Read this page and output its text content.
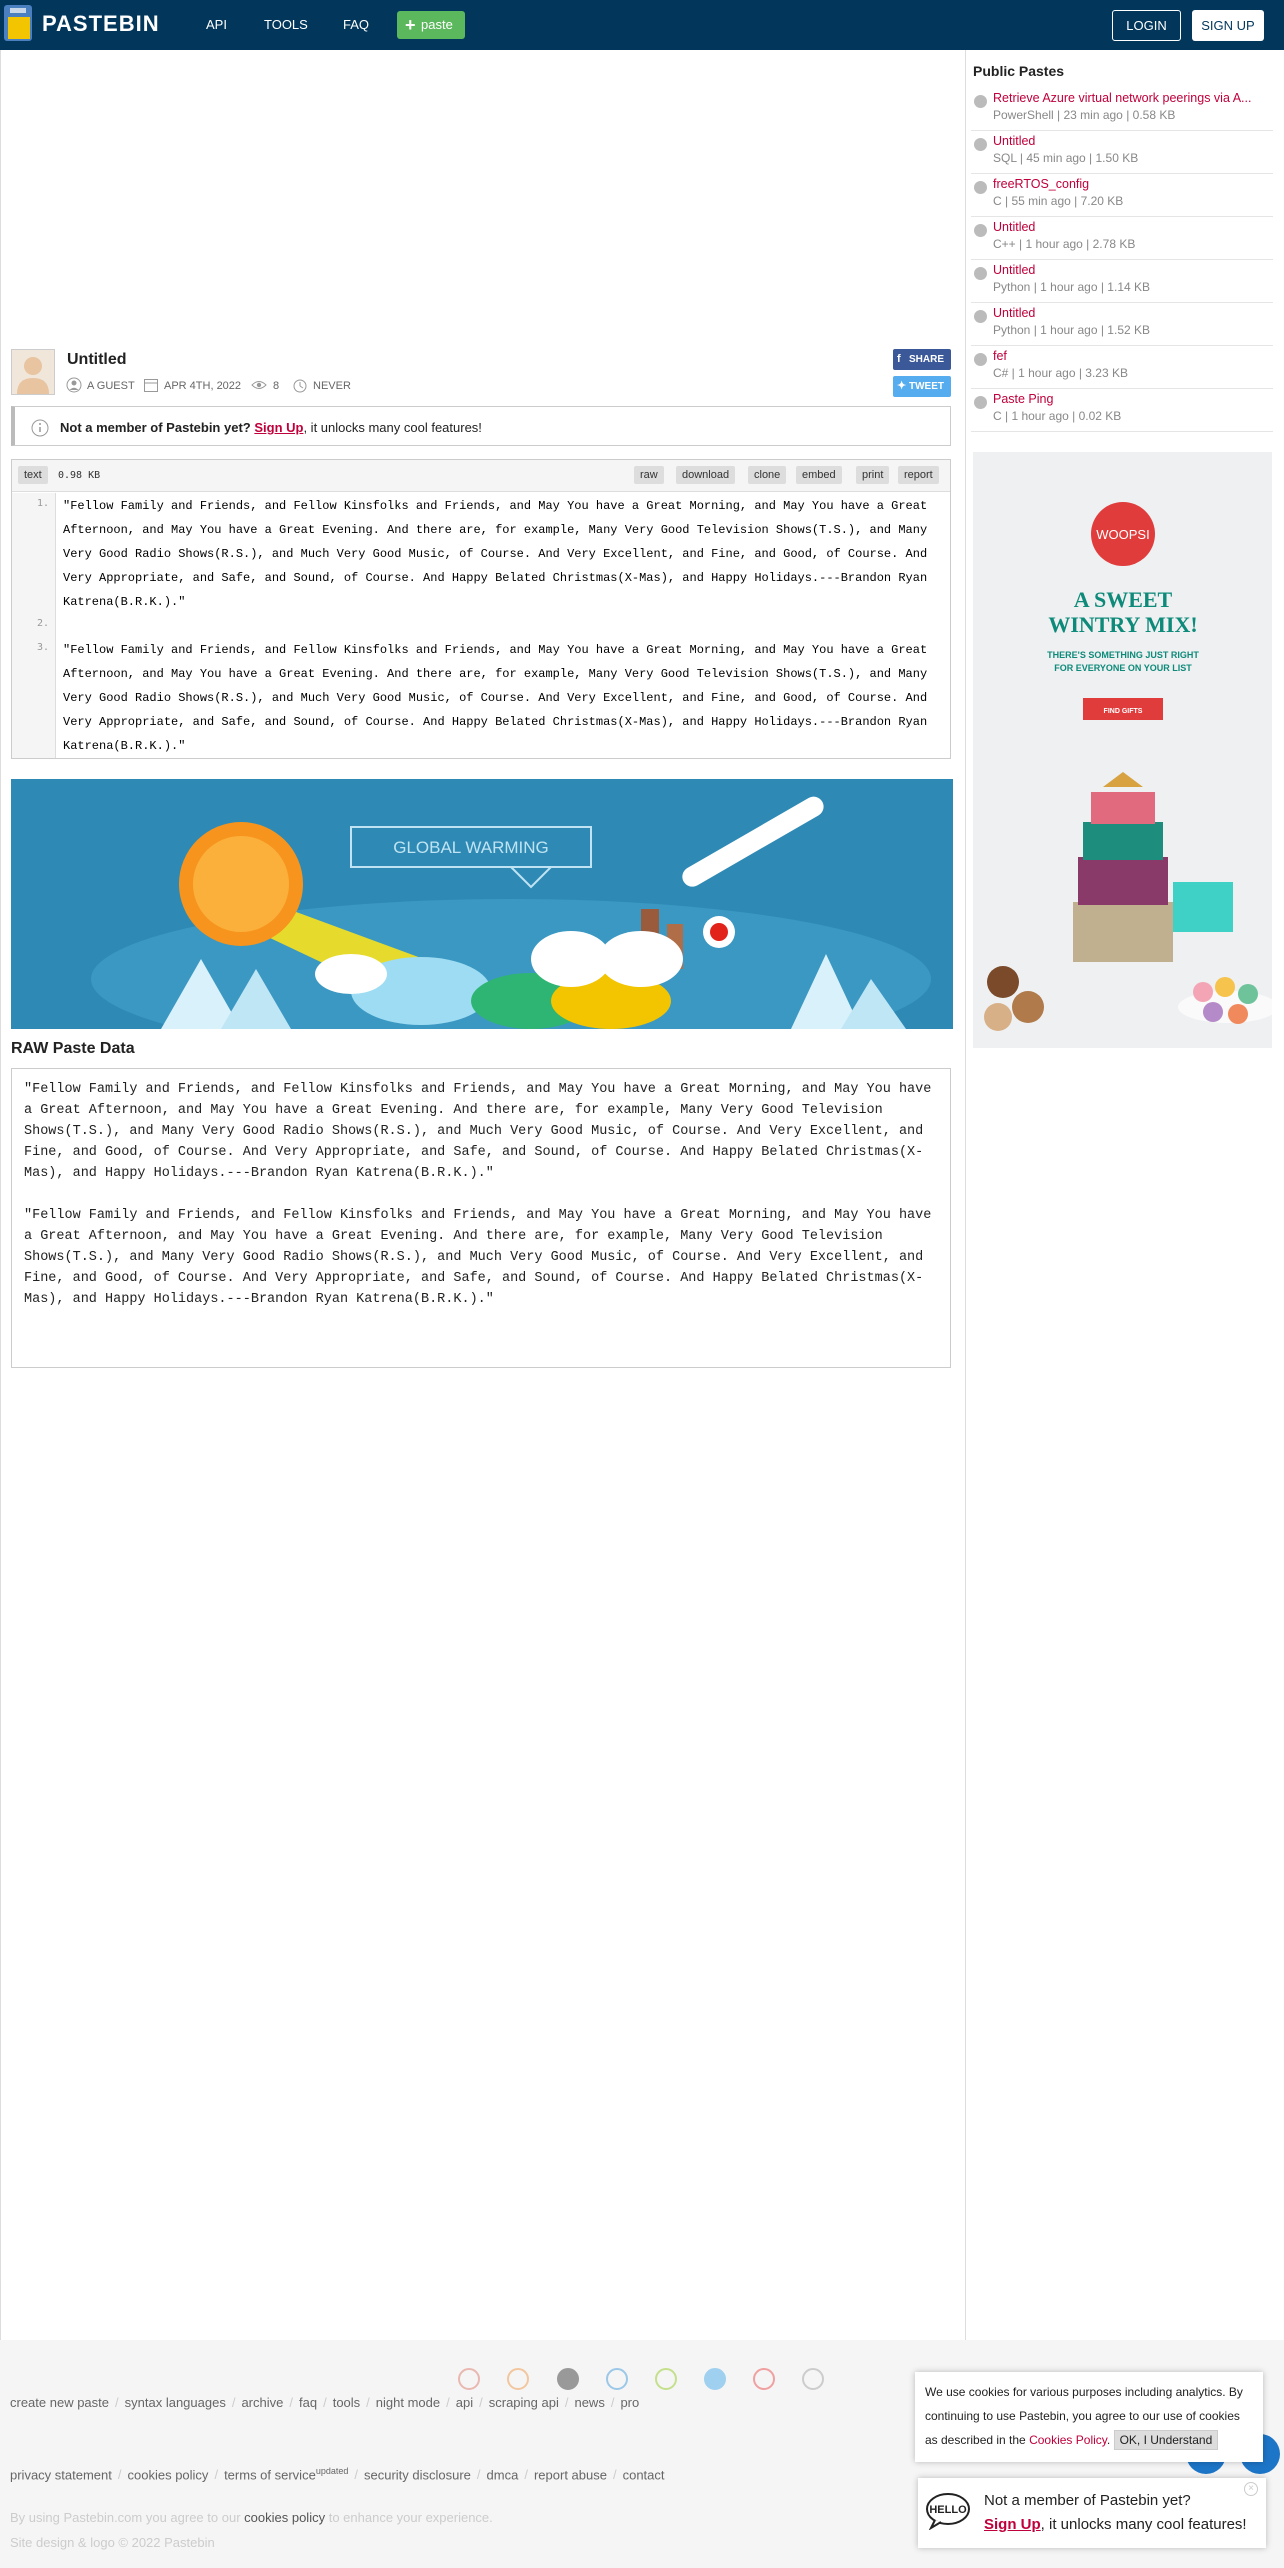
PASTEBIN	API	TOOLS	FAQ + paste	LOGIN	SIGN UP
Untitled
A GUEST	APR 4TH, 2022	8	NEVER
f SHARE
✦ TWEET
Not a member of Pastebin yet? Sign Up, it unlocks many cool features!
text	0.98 KB	raw	download	clone	embed	print	report
1.
2.
3.
"Fellow Family and Friends, and Fellow Kinsfolks and Friends, and May You have a Great Morning, and May You have a Great Afternoon, and May You have a Great Evening. And there are, for example, Many Very Good Television Shows(T.S.), and Many Very Good Radio Shows(R.S.), and Much Very Good Music, of Course. And Very Excellent, and Fine, and Good, of Course. And Very Appropriate, and Safe, and Sound, of Course. And Happy Belated Christmas(X-Mas), and Happy Holidays.---Brandon Ryan Katrena(B.R.K.)."
"Fellow Family and Friends, and Fellow Kinsfolks and Friends, and May You have a Great Morning, and May You have a Great Afternoon, and May You have a Great Evening. And there are, for example, Many Very Good Television Shows(T.S.), and Many Very Good Radio Shows(R.S.), and Much Very Good Music, of Course. And Very Excellent, and Fine, and Good, of Course. And Very Appropriate, and Safe, and Sound, of Course. And Happy Belated Christmas(X-Mas), and Happy Holidays.---Brandon Ryan Katrena(B.R.K.)."
GLOBAL WARMING
RAW Paste Data
"Fellow Family and Friends, and Fellow Kinsfolks and Friends, and May You have a Great Morning, and May You have a Great Afternoon, and May You have a Great Evening. And there are, for example, Many Very Good Television Shows(T.S.), and Many Very Good Radio Shows(R.S.), and Much Very Good Music, of Course. And Very Excellent, and Fine, and Good, of Course. And Very Appropriate, and Safe, and Sound, of Course. And Happy Belated Christmas(X-Mas), and Happy Holidays.---Brandon Ryan Katrena(B.R.K.)."
"Fellow Family and Friends, and Fellow Kinsfolks and Friends, and May You have a Great Morning, and May You have a Great Afternoon, and May You have a Great Evening. And there are, for example, Many Very Good Television Shows(T.S.), and Many Very Good Radio Shows(R.S.), and Much Very Good Music, of Course. And Very Excellent, and Fine, and Good, of Course. And Very Appropriate, and Safe, and Sound, of Course. And Happy Belated Christmas(X-Mas), and Happy Holidays.---Brandon Ryan Katrena(B.R.K.)."
Public Pastes
Retrieve Azure virtual network peerings via A...
PowerShell | 23 min ago | 0.58 KB
Untitled
SQL | 45 min ago | 1.50 KB
freeRTOS_config
C | 55 min ago | 7.20 KB
Untitled
C++ | 1 hour ago | 2.78 KB
Untitled
Python | 1 hour ago | 1.14 KB
Untitled
Python | 1 hour ago | 1.52 KB
fef
C# | 1 hour ago | 3.23 KB
Paste Ping
C | 1 hour ago | 0.02 KB
WOOPSI
A SWEET
WINTRY MIX!
THERE'S SOMETHING JUST RIGHT
FOR EVERYONE ON YOUR LIST
FIND GIFTS
create new paste / syntax languages / archive / faq / tools / night mode / api / scraping api / news / pro
privacy statement / cookies policy / terms of service$^{updated}$ / security disclosure / dmca / report abuse / contact
By using Pastebin.com you agree to our cookies policy to enhance your experience.
Site design & logo © 2022 Pastebin
We use cookies for various purposes including analytics. By continuing to use Pastebin, you agree to our use of cookies as described in the Cookies Policy. OK, I Understand
×
HELLO
Not a member of Pastebin yet?
Sign Up, it unlocks many cool features!
